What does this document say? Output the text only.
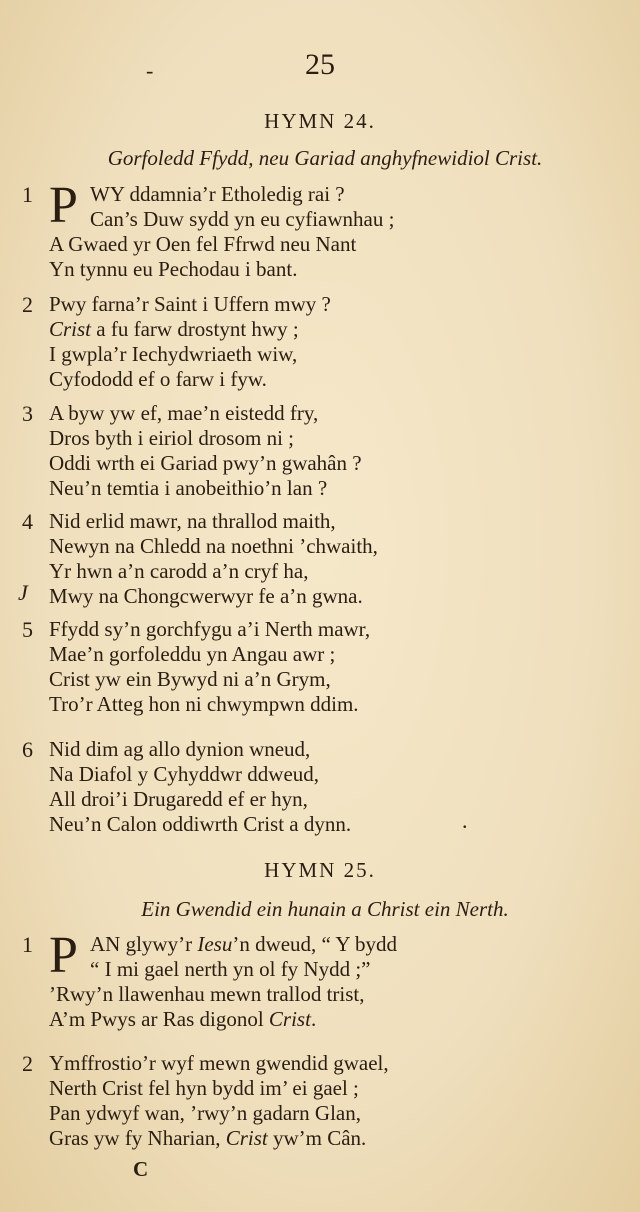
-	25
HYMN 24.
Gorfoledd Ffydd, neu Gariad anghyfnewidiol Crist.
1 P WY ddamnia’r Etholedig rai ?
Can’s Duw sydd yn eu cyfiawnhau ;
A Gwaed yr Oen fel Ffrwd neu Nant
Yn tynnu eu Pechodau i bant.
2 Pwy farna’r Saint i Uffern mwy ?
Crist a fu farw drostynt hwy ;
I gwpla’r Iechydwriaeth wiw,
Cyfododd ef o farw i fyw.
3 A byw yw ef, mae’n eistedd fry,
Dros byth i eiriol drosom ni ;
Oddi wrth ei Gariad pwy’n gwahân ?
Neu’n temtia i anobeithio’n lan ?
4 Nid erlid mawr, na thrallod maith,
Newyn na Chledd na noethni ’chwaith,
Yr hwn a’n carodd a’n cryf ha,
Mwy na Chongcwerwyr fe a’n gwna.
J
5 Ffydd sy’n gorchfygu a’i Nerth mawr,
Mae’n gorfoleddu yn Angau awr ;
Crist yw ein Bywyd ni a’n Grym,
Tro’r Atteg hon ni chwympwn ddim.
6 Nid dim ag allo dynion wneud,
Na Diafol y Cyhyddwr ddweud,
All droi’i Drugaredd ef er hyn,
Neu’n Calon oddiwrth Crist a dynn.	.
HYMN 25.
Ein Gwendid ein hunain a Christ ein Nerth.
1 P AN glywy’r Iesu’n dweud, “ Y bydd
“ I mi gael nerth yn ol fy Nydd ;”
’Rwy’n llawenhau mewn trallod trist,
A’m Pwys ar Ras digonol Crist.
2 Ymffrostio’r wyf mewn gwendid gwael,
Nerth Crist fel hyn bydd im’ ei gael ;
Pan ydwyf wan, ’rwy’n gadarn Glan,
Gras yw fy Nharian, Crist yw’m Cân.
C
